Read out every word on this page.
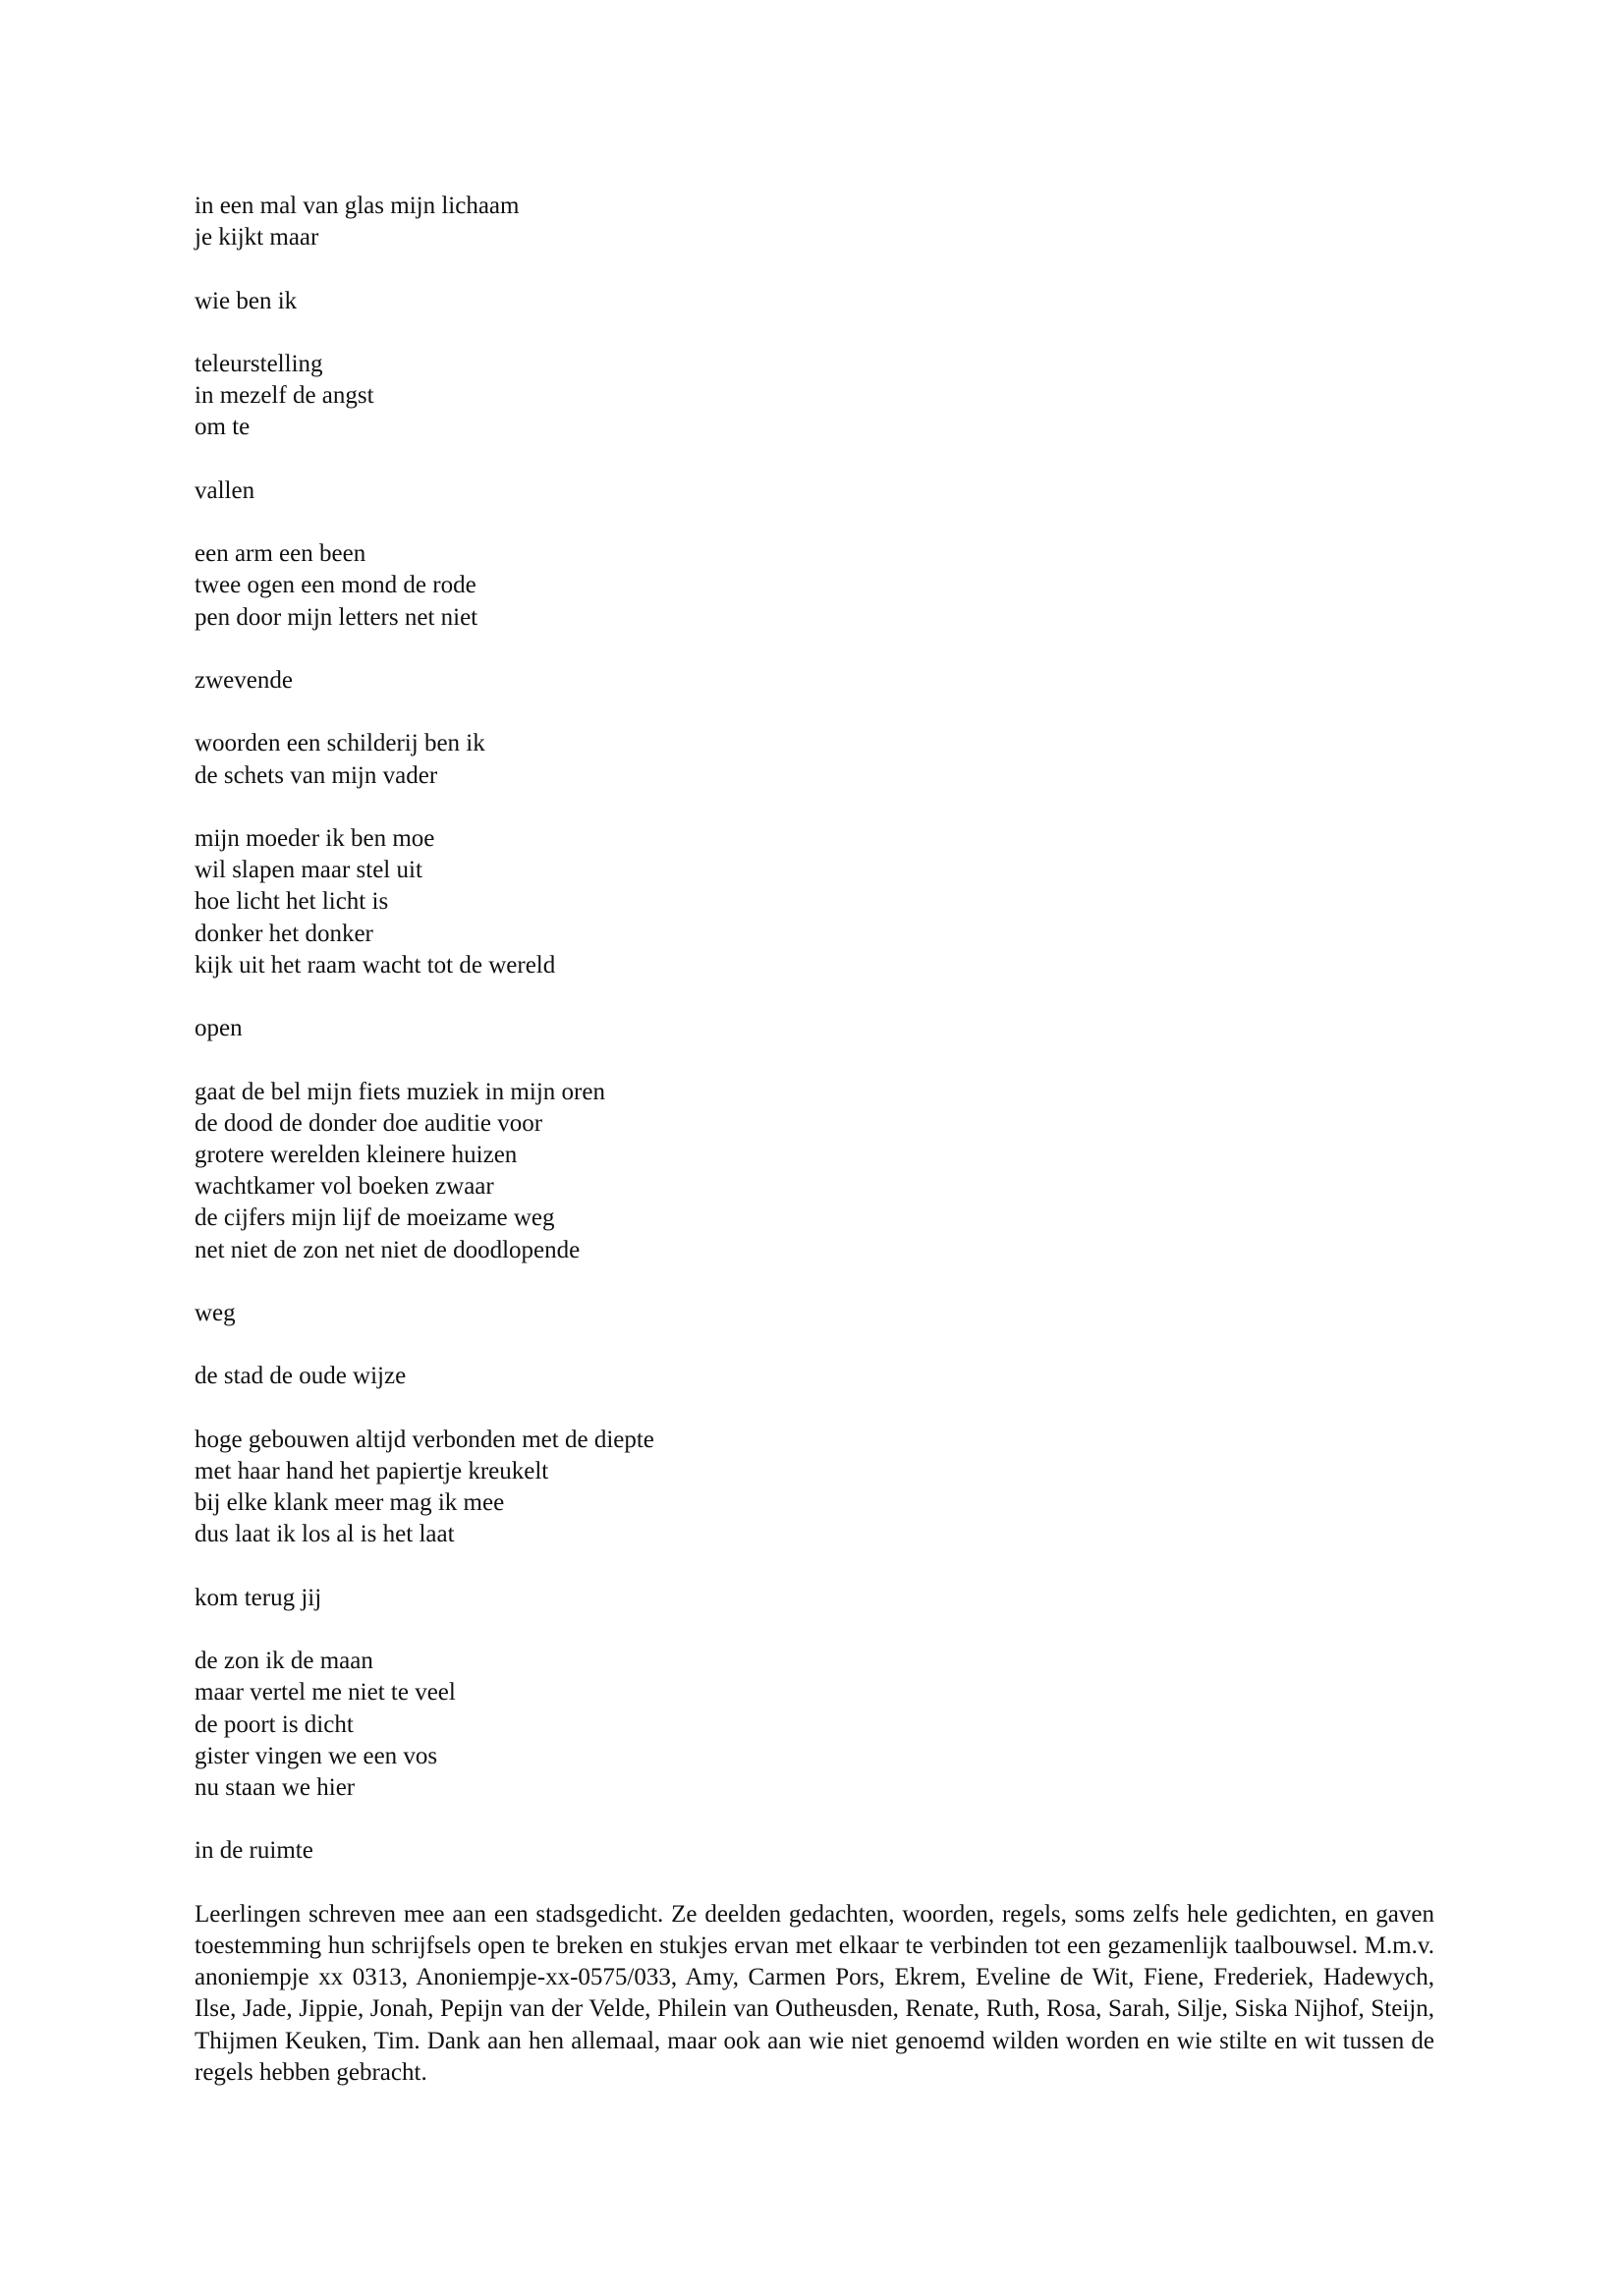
in een mal van glas mijn lichaam
je kijkt maar
wie ben ik
teleurstelling
in mezelf de angst
om te
vallen
een arm een been
twee ogen een mond de rode
pen door mijn letters net niet
zwevende
woorden een schilderij ben ik
de schets van mijn vader
mijn moeder ik ben moe
wil slapen maar stel uit
hoe licht het licht is
donker het donker
kijk uit het raam wacht tot de wereld
open
gaat de bel mijn fiets muziek in mijn oren
de dood de donder doe auditie voor
grotere werelden kleinere huizen
wachtkamer vol boeken zwaar
de cijfers mijn lijf de moeizame weg
net niet de zon net niet de doodlopende
weg
de stad de oude wijze
hoge gebouwen altijd verbonden met de diepte
met haar hand het papiertje kreukelt
bij elke klank meer mag ik mee
dus laat ik los al is het laat
kom terug jij
de zon ik de maan
maar vertel me niet te veel
de poort is dicht
gister vingen we een vos
nu staan we hier
in de ruimte

Leerlingen schreven mee aan een stadsgedicht. Ze deelden gedachten, woorden, regels, soms zelfs hele gedichten, en gaven toestemming hun schrijfsels open te breken en stukjes ervan met elkaar te verbinden tot een gezamenlijk taalbouwsel. M.m.v. anoniempje xx 0313, Anoniempje-xx-0575/033, Amy, Carmen Pors, Ekrem, Eveline de Wit, Fiene, Frederiek, Hadewych, Ilse, Jade, Jippie, Jonah, Pepijn van der Velde, Philein van Outheusden, Renate, Ruth, Rosa, Sarah, Silje, Siska Nijhof, Steijn, Thijmen Keuken, Tim. Dank aan hen allemaal, maar ook aan wie niet genoemd wilden worden en wie stilte en wit tussen de regels hebben gebracht.
